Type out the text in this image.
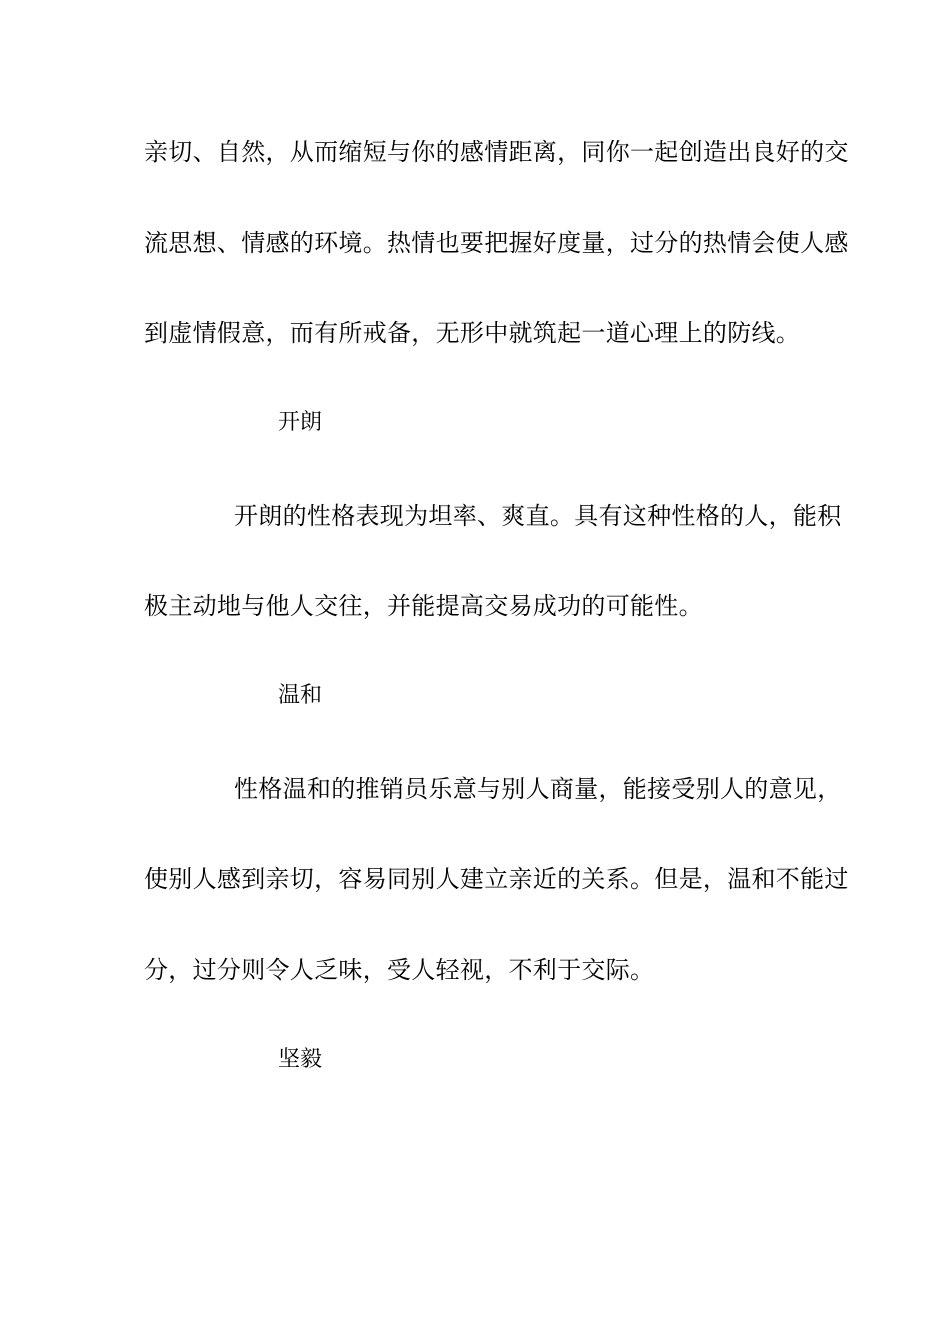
亲切、自然，从而缩短与你的感情距离，同你一起创造出良好的交
流思想、情感的环境。热情也要把握好度量，过分的热情会使人感
到虚情假意，而有所戒备，无形中就筑起一道心理上的防线。
开朗
开朗的性格表现为坦率、爽直。具有这种性格的人，能积
极主动地与他人交往，并能提高交易成功的可能性。
温和
性格温和的推销员乐意与别人商量，能接受别人的意见，
使别人感到亲切，容易同别人建立亲近的关系。但是，温和不能过
分，过分则令人乏味，受人轻视，不利于交际。
坚毅
